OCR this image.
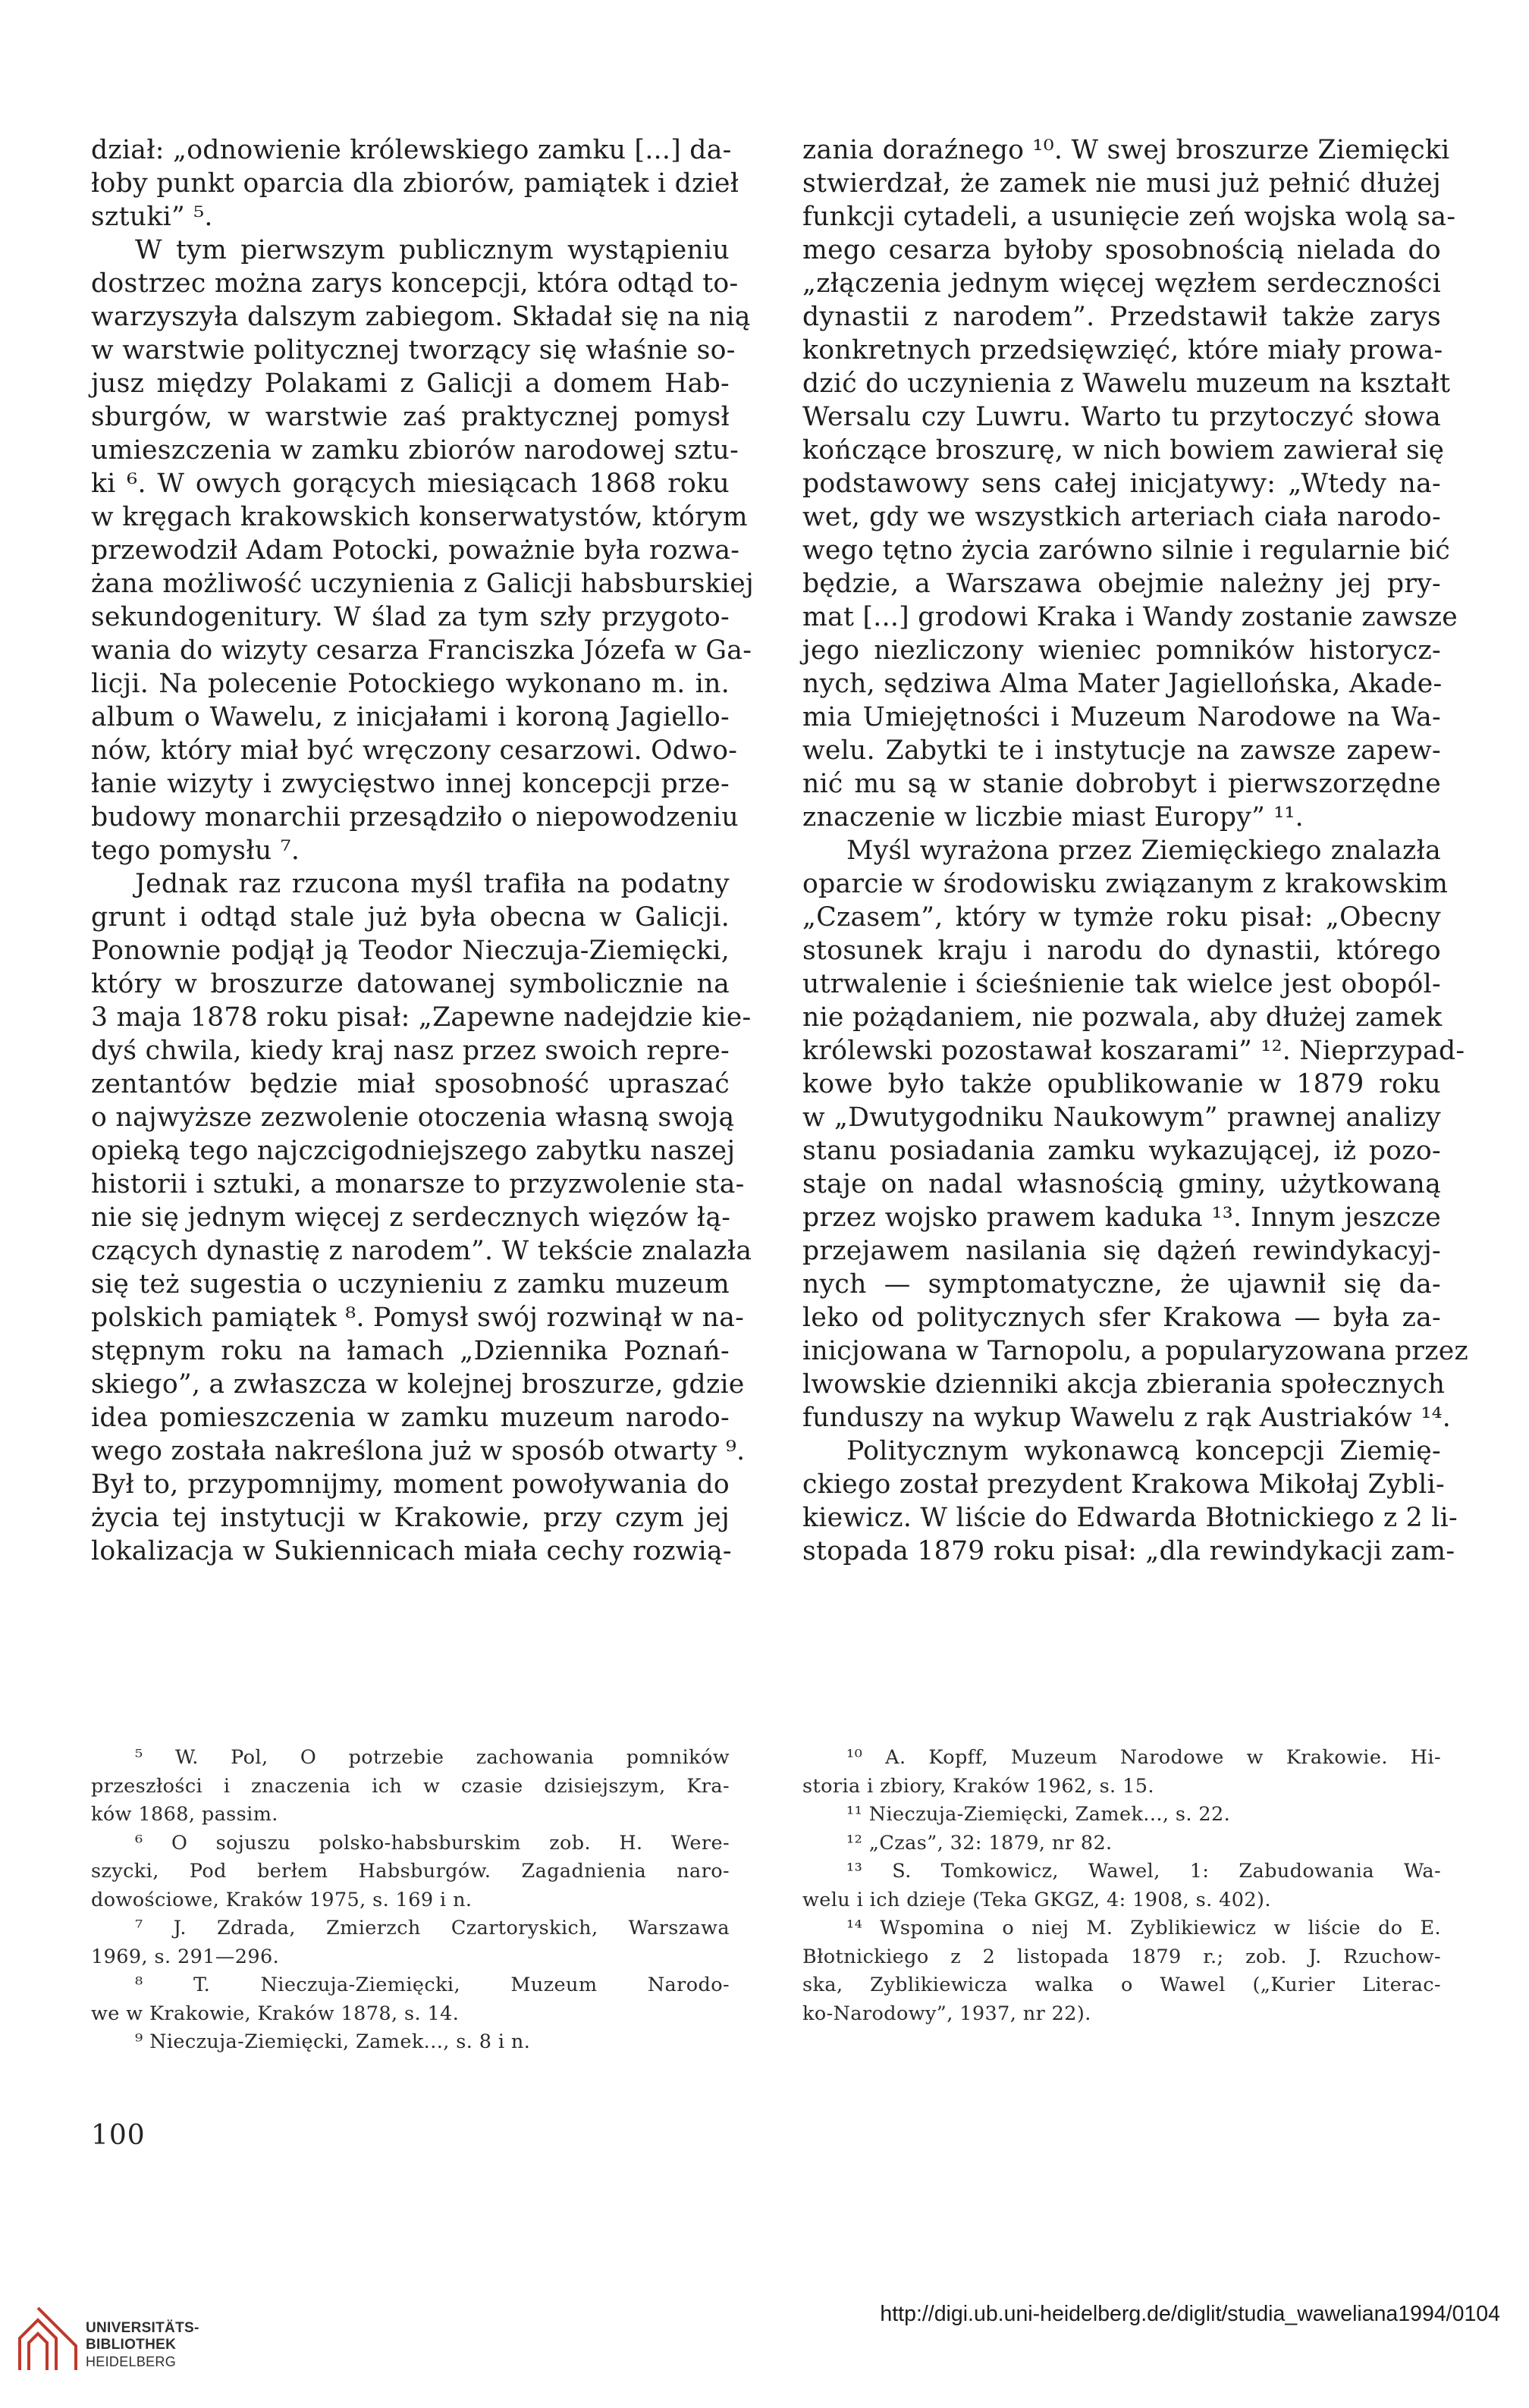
dział: „odnowienie królewskiego zamku [...] da-
łoby punkt oparcia dla zbiorów, pamiątek i dzieł
sztuki” ⁵.
W tym pierwszym publicznym wystąpieniu
dostrzec można zarys koncepcji, która odtąd to-
warzyszyła dalszym zabiegom. Składał się na nią
w warstwie politycznej tworzący się właśnie so-
jusz między Polakami z Galicji a domem Hab-
sburgów, w warstwie zaś praktycznej pomysł
umieszczenia w zamku zbiorów narodowej sztu-
ki ⁶. W owych gorących miesiącach 1868 roku
w kręgach krakowskich konserwatystów, którym
przewodził Adam Potocki, poważnie była rozwa-
żana możliwość uczynienia z Galicji habsburskiej
sekundogenitury. W ślad za tym szły przygoto-
wania do wizyty cesarza Franciszka Józefa w Ga-
licji. Na polecenie Potockiego wykonano m. in.
album o Wawelu, z inicjałami i koroną Jagiello-
nów, który miał być wręczony cesarzowi. Odwo-
łanie wizyty i zwycięstwo innej koncepcji prze-
budowy monarchii przesądziło o niepowodzeniu
tego pomysłu ⁷.
Jednak raz rzucona myśl trafiła na podatny
grunt i odtąd stale już była obecna w Galicji.
Ponownie podjął ją Teodor Nieczuja-Ziemięcki,
który w broszurze datowanej symbolicznie na
3 maja 1878 roku pisał: „Zapewne nadejdzie kie-
dyś chwila, kiedy kraj nasz przez swoich repre-
zentantów będzie miał sposobność upraszać
o najwyższe zezwolenie otoczenia własną swoją
opieką tego najczcigodniejszego zabytku naszej
historii i sztuki, a monarsze to przyzwolenie sta-
nie się jednym więcej z serdecznych więzów łą-
czących dynastię z narodem”. W tekście znalazła
się też sugestia o uczynieniu z zamku muzeum
polskich pamiątek ⁸. Pomysł swój rozwinął w na-
stępnym roku na łamach „Dziennika Poznań-
skiego”, a zwłaszcza w kolejnej broszurze, gdzie
idea pomieszczenia w zamku muzeum narodo-
wego została nakreślona już w sposób otwarty ⁹.
Był to, przypomnijmy, moment powoływania do
życia tej instytucji w Krakowie, przy czym jej
lokalizacja w Sukiennicach miała cechy rozwią-
zania doraźnego ¹⁰. W swej broszurze Ziemięcki
stwierdzał, że zamek nie musi już pełnić dłużej
funkcji cytadeli, a usunięcie zeń wojska wolą sa-
mego cesarza byłoby sposobnością nielada do
„złączenia jednym więcej węzłem serdeczności
dynastii z narodem”. Przedstawił także zarys
konkretnych przedsięwzięć, które miały prowa-
dzić do uczynienia z Wawelu muzeum na kształt
Wersalu czy Luwru. Warto tu przytoczyć słowa
kończące broszurę, w nich bowiem zawierał się
podstawowy sens całej inicjatywy: „Wtedy na-
wet, gdy we wszystkich arteriach ciała narodo-
wego tętno życia zarówno silnie i regularnie bić
będzie, a Warszawa obejmie należny jej pry-
mat [...] grodowi Kraka i Wandy zostanie zawsze
jego niezliczony wieniec pomników historycz-
nych, sędziwa Alma Mater Jagiellońska, Akade-
mia Umiejętności i Muzeum Narodowe na Wa-
welu. Zabytki te i instytucje na zawsze zapew-
nić mu są w stanie dobrobyt i pierwszorzędne
znaczenie w liczbie miast Europy” ¹¹.
Myśl wyrażona przez Ziemięckiego znalazła
oparcie w środowisku związanym z krakowskim
„Czasem”, który w tymże roku pisał: „Obecny
stosunek kraju i narodu do dynastii, którego
utrwalenie i ścieśnienie tak wielce jest obopól-
nie pożądaniem, nie pozwala, aby dłużej zamek
królewski pozostawał koszarami” ¹². Nieprzypad-
kowe było także opublikowanie w 1879 roku
w „Dwutygodniku Naukowym” prawnej analizy
stanu posiadania zamku wykazującej, iż pozo-
staje on nadal własnością gminy, użytkowaną
przez wojsko prawem kaduka ¹³. Innym jeszcze
przejawem nasilania się dążeń rewindykacyj-
nych — symptomatyczne, że ujawnił się da-
leko od politycznych sfer Krakowa — była za-
inicjowana w Tarnopolu, a popularyzowana przez
lwowskie dzienniki akcja zbierania społecznych
funduszy na wykup Wawelu z rąk Austriaków ¹⁴.
Politycznym wykonawcą koncepcji Ziemię-
ckiego został prezydent Krakowa Mikołaj Zybli-
kiewicz. W liście do Edwarda Błotnickiego z 2 li-
stopada 1879 roku pisał: „dla rewindykacji zam-
⁵ W. Pol, O potrzebie zachowania pomników
przeszłości i znaczenia ich w czasie dzisiejszym, Kra-
ków 1868, passim.
⁶ O sojuszu polsko-habsburskim zob. H. Were-
szycki, Pod berłem Habsburgów. Zagadnienia naro-
dowościowe, Kraków 1975, s. 169 i n.
⁷ J. Zdrada, Zmierzch Czartoryskich, Warszawa
1969, s. 291—296.
⁸ T. Nieczuja-Ziemięcki, Muzeum Narodo-
we w Krakowie, Kraków 1878, s. 14.
⁹ Nieczuja-Ziemięcki, Zamek..., s. 8 i n.
¹⁰ A. Kopff, Muzeum Narodowe w Krakowie. Hi-
storia i zbiory, Kraków 1962, s. 15.
¹¹ Nieczuja-Ziemięcki, Zamek..., s. 22.
¹² „Czas”, 32: 1879, nr 82.
¹³ S. Tomkowicz, Wawel, 1: Zabudowania Wa-
welu i ich dzieje (Teka GKGZ, 4: 1908, s. 402).
¹⁴ Wspomina o niej M. Zyblikiewicz w liście do E.
Błotnickiego z 2 listopada 1879 r.; zob. J. Rzuchow-
ska, Zyblikiewicza walka o Wawel („Kurier Literac-
ko-Narodowy”, 1937, nr 22).
100
UNIVERSITÄTS-
BIBLIOTHEK
HEIDELBERG
http://digi.ub.uni-heidelberg.de/diglit/studia_waweliana1994/0104
